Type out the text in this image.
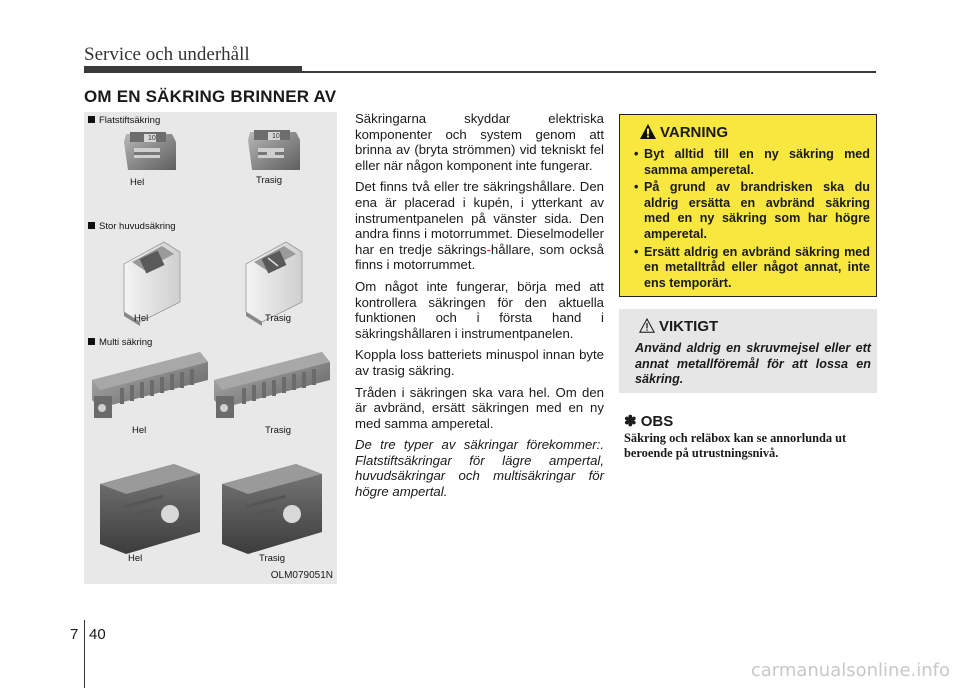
Service och underhåll
OM EN SÄKRING BRINNER AV
10	10
Flatstiftsäkring
Hel	Trasig
Stor huvudsäkring
Hel	Trasig
Multi säkring
Hel	Trasig
Hel	Trasig
OLM079051N

Säkringarna skyddar elektriska komponenter och system genom att brinna av (bryta strömmen) vid tekniskt fel eller när någon komponent inte fungerar.

Det finns två eller tre säkringshållare. Den ena är placerad i kupén, i ytterkant av instrumentpanelen på vänster sida. Den andra finns i motorrummet. Dieselmodeller har en tredje säkrings-hållare, som också finns i motorrummet.

Om något inte fungerar, börja med att kontrollera säkringen för den aktuella funktionen och i första hand i säkringshållaren i instrumentpanelen.

Koppla loss batteriets minuspol innan byte av trasig säkring.

Tråden i säkringen ska vara hel. Om den är avbränd, ersätt säkringen med en ny med samma amperetal.

De tre typer av säkringar förekommer:. Flatstiftsäkringar för lägre ampertal, huvudsäkringar och multisäkringar för högre ampertal.

VARNING
• Byt alltid till en ny säkring med samma amperetal.
• På grund av brandrisken ska du aldrig ersätta en avbränd säkring med en ny säkring som har högre amperetal.
• Ersätt aldrig en avbränd säkring med en metalltråd eller något annat, inte ens temporärt.
VIKTIGT
Använd aldrig en skruvmejsel eller ett annat metallföremål för att lossa en säkring.
✽ OBS
Säkring och reläbox kan se annorlunda ut beroende på utrustningsnivå.
7 40
carmanualsonline.info
